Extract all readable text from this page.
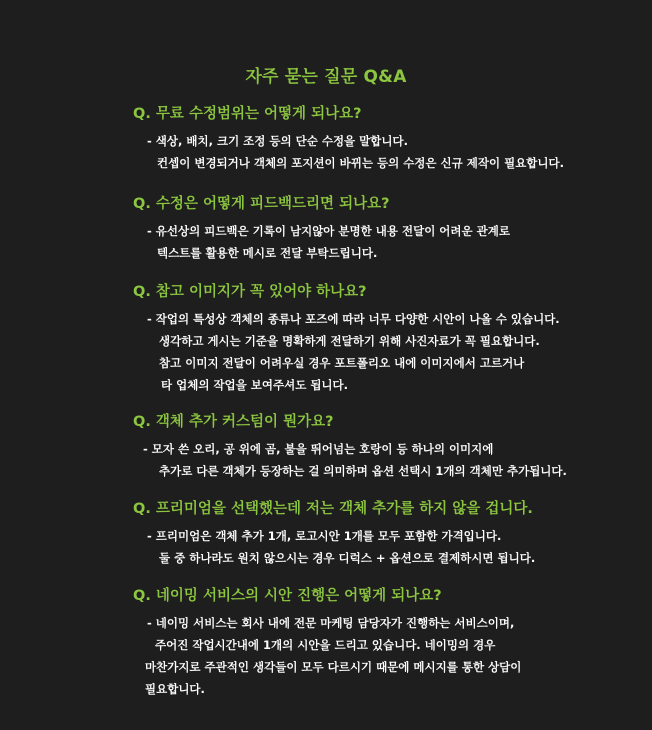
자주 묻는 질문 Q&A
Q. 무료 수정범위는 어떻게 되나요?
- 색상, 배치, 크기 조정 등의 단순 수정을 말합니다.
컨셉이 변경되거나 객체의 포지션이 바뀌는 등의 수정은 신규 제작이 필요합니다.
Q. 수정은 어떻게 피드백드리면 되나요?
- 유선상의 피드백은 기록이 남지않아 분명한 내용 전달이 어려운 관계로
텍스트를 활용한 메시로 전달 부탁드립니다.
Q. 참고 이미지가 꼭 있어야 하나요?
- 작업의 특성상 객체의 종류나 포즈에 따라 너무 다양한 시안이 나올 수 있습니다.
생각하고 게시는 기준을 명확하게 전달하기 위해 사진자료가 꼭 필요합니다.
참고 이미지 전달이 어려우실 경우 포트폴리오 내에 이미지에서 고르거나
타 업체의 작업을 보여주셔도 됩니다.
Q. 객체 추가 커스텀이 뭔가요?
- 모자 쓴 오리, 공 위에 곰, 불을 뛰어넘는 호랑이 등 하나의 이미지에
추가로 다른 객체가 등장하는 걸 의미하며 옵션 선택시 1개의 객체만 추가됩니다.
Q. 프리미엄을 선택했는데 저는 객체 추가를 하지 않을 겁니다.
- 프리미엄은 객체 추가 1개, 로고시안 1개를 모두 포함한 가격입니다.
둘 중 하나라도 원치 않으시는 경우 디럭스 + 옵션으로 결제하시면 됩니다.
Q. 네이밍 서비스의 시안 진행은 어떻게 되나요?
- 네이밍 서비스는 회사 내에 전문 마케팅 담당자가 진행하는 서비스이며,
주어진 작업시간내에 1개의 시안을 드리고 있습니다. 네이밍의 경우
마찬가지로 주관적인 생각들이 모두 다르시기 때문에 메시지를 통한 상담이
필요합니다.
